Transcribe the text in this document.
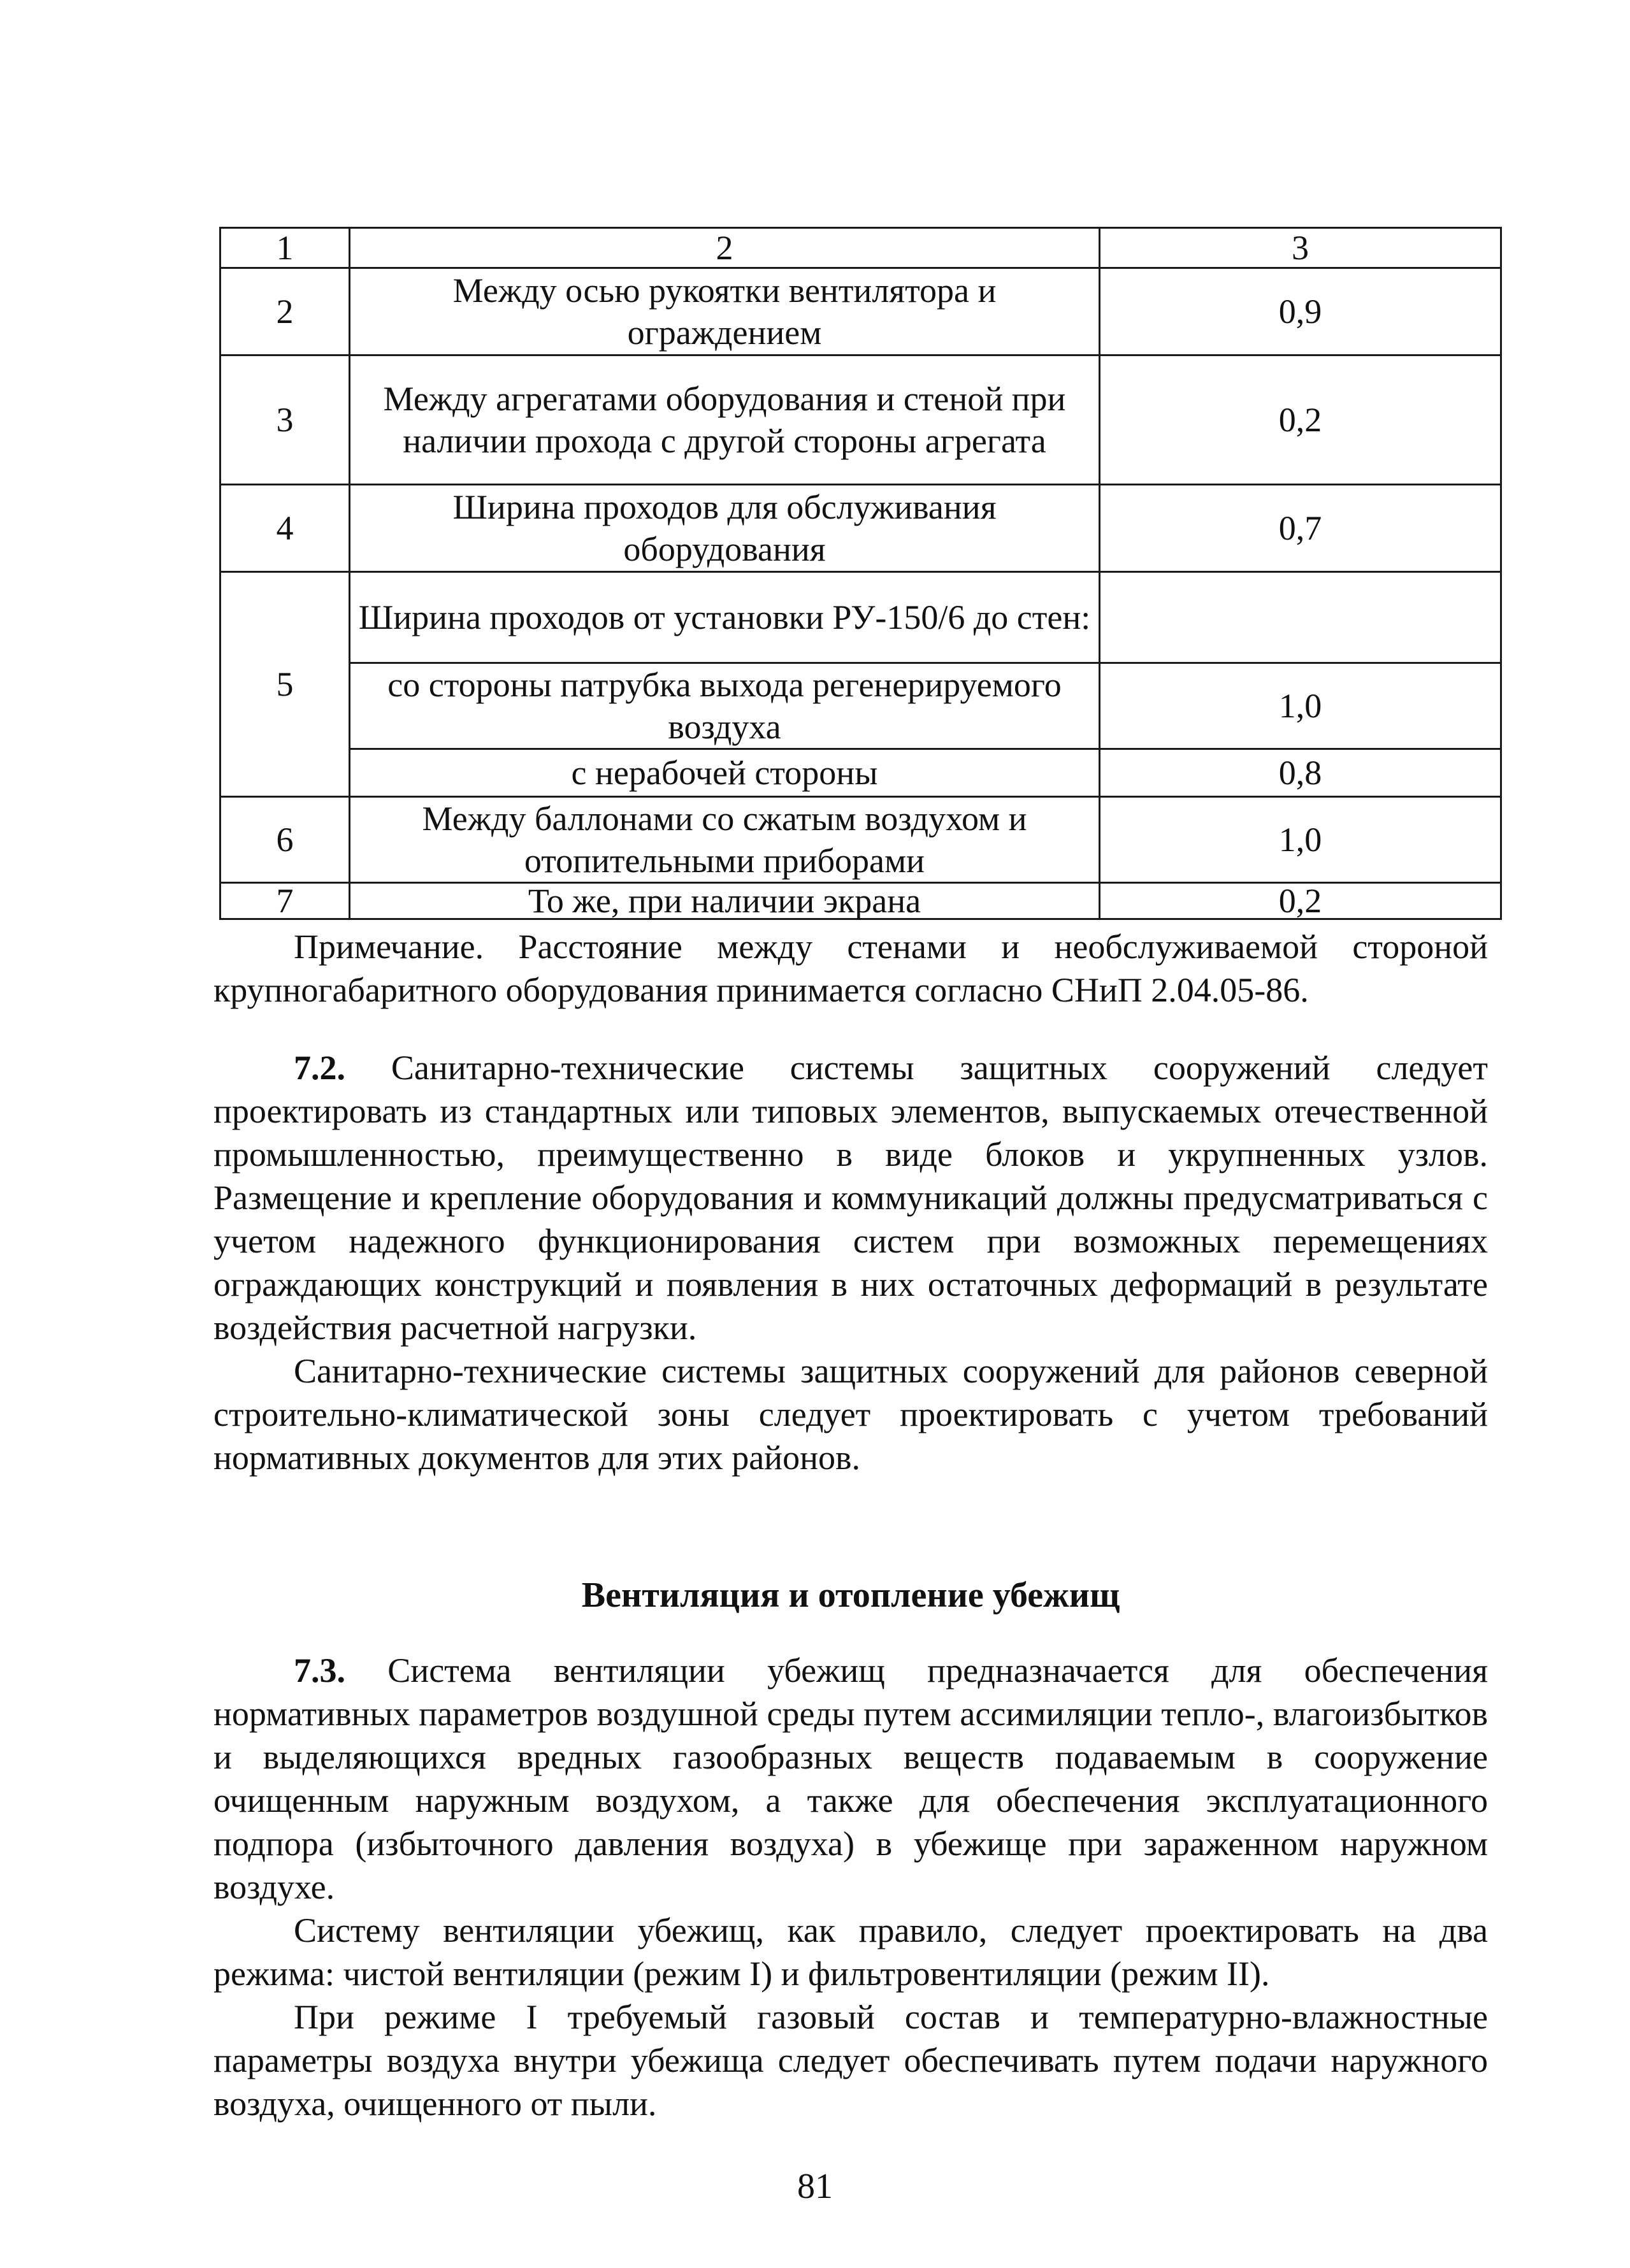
1	2	3
2	Между осью рукоятки вентилятора и ограждением	0,9
3	Между агрегатами оборудования и стеной при наличии прохода с другой стороны агрегата	0,2
4	Ширина проходов для обслуживания оборудования	0,7
5	Ширина проходов от установки РУ-150/6 до стен:	
	со стороны патрубка выхода регенерируемого воздуха	1,0
	с нерабочей стороны	0,8
6	Между баллонами со сжатым воздухом и отопительными приборами	1,0
7	То же, при наличии экрана	0,2

Примечание. Расстояние между стенами и необслуживаемой стороной крупногабаритного оборудования принимается согласно СНиП 2.04.05-86.

7.2. Санитарно-технические системы защитных сооружений следует проектировать из стандартных или типовых элементов, выпускаемых отечественной промышленностью, преимущественно в виде блоков и укрупненных узлов. Размещение и крепление оборудования и коммуникаций должны предусматриваться с учетом надежного функционирования систем при возможных перемещениях ограждающих конструкций и появления в них остаточных деформаций в результате воздействия расчетной нагрузки.

Санитарно-технические системы защитных сооружений для районов северной строительно-климатической зоны следует проектировать с учетом требований нормативных документов для этих районов.

Вентиляция и отопление убежищ

7.3. Система вентиляции убежищ предназначается для обеспечения нормативных параметров воздушной среды путем ассимиляции тепло-, влагоизбытков и выделяющихся вредных газообразных веществ подаваемым в сооружение очищенным наружным воздухом, а также для обеспечения эксплуатационного подпора (избыточного давления воздуха) в убежище при зараженном наружном воздухе.

Систему вентиляции убежищ, как правило, следует проектировать на два режима: чистой вентиляции (режим I) и фильтровентиляции (режим II).

При режиме I требуемый газовый состав и температурно-влажностные параметры воздуха внутри убежища следует обеспечивать путем подачи наружного воздуха, очищенного от пыли.

81
